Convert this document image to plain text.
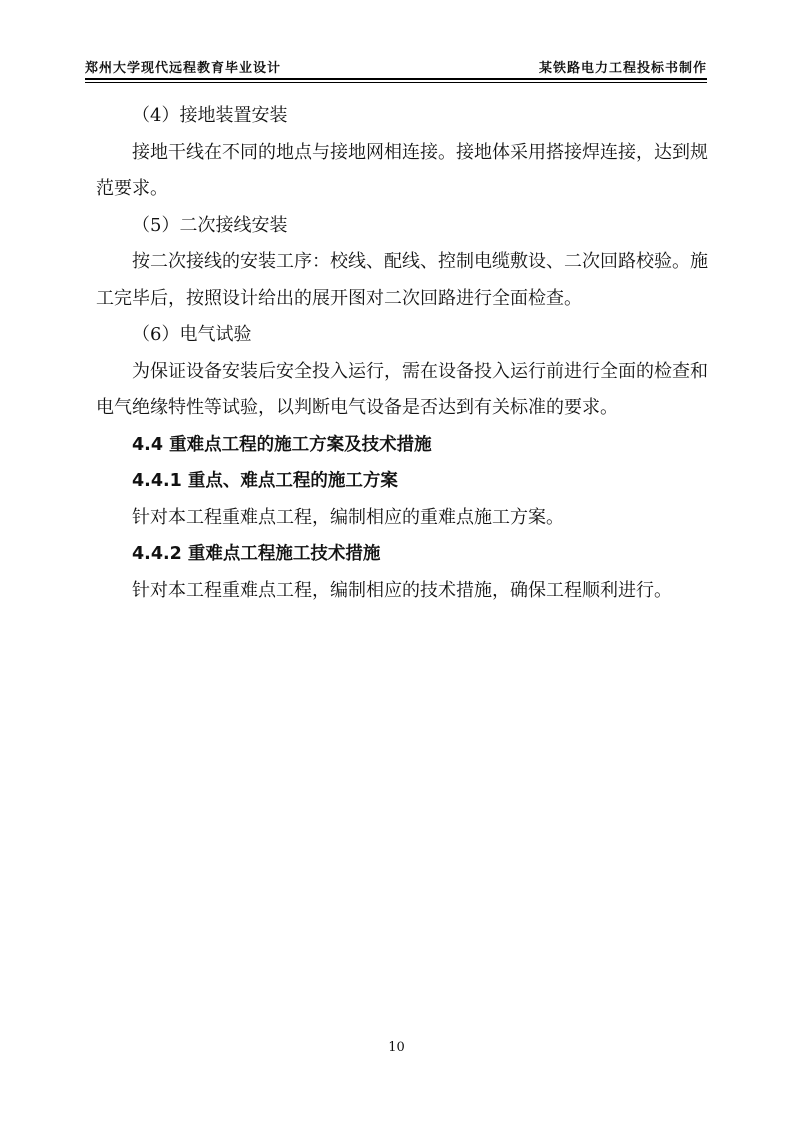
郑州大学现代远程教育毕业设计	某铁路电力工程投标书制作

（4）接地装置安装

接地干线在不同的地点与接地网相连接。接地体采用搭接焊连接，达到规范要求。

（5）二次接线安装

按二次接线的安装工序：校线、配线、控制电缆敷设、二次回路校验。施工完毕后，按照设计给出的展开图对二次回路进行全面检查。

（6）电气试验

为保证设备安装后安全投入运行，需在设备投入运行前进行全面的检查和电气绝缘特性等试验，以判断电气设备是否达到有关标准的要求。

4.4 重难点工程的施工方案及技术措施

4.4.1 重点、难点工程的施工方案

针对本工程重难点工程，编制相应的重难点施工方案。

4.4.2 重难点工程施工技术措施

针对本工程重难点工程，编制相应的技术措施，确保工程顺利进行。

10
